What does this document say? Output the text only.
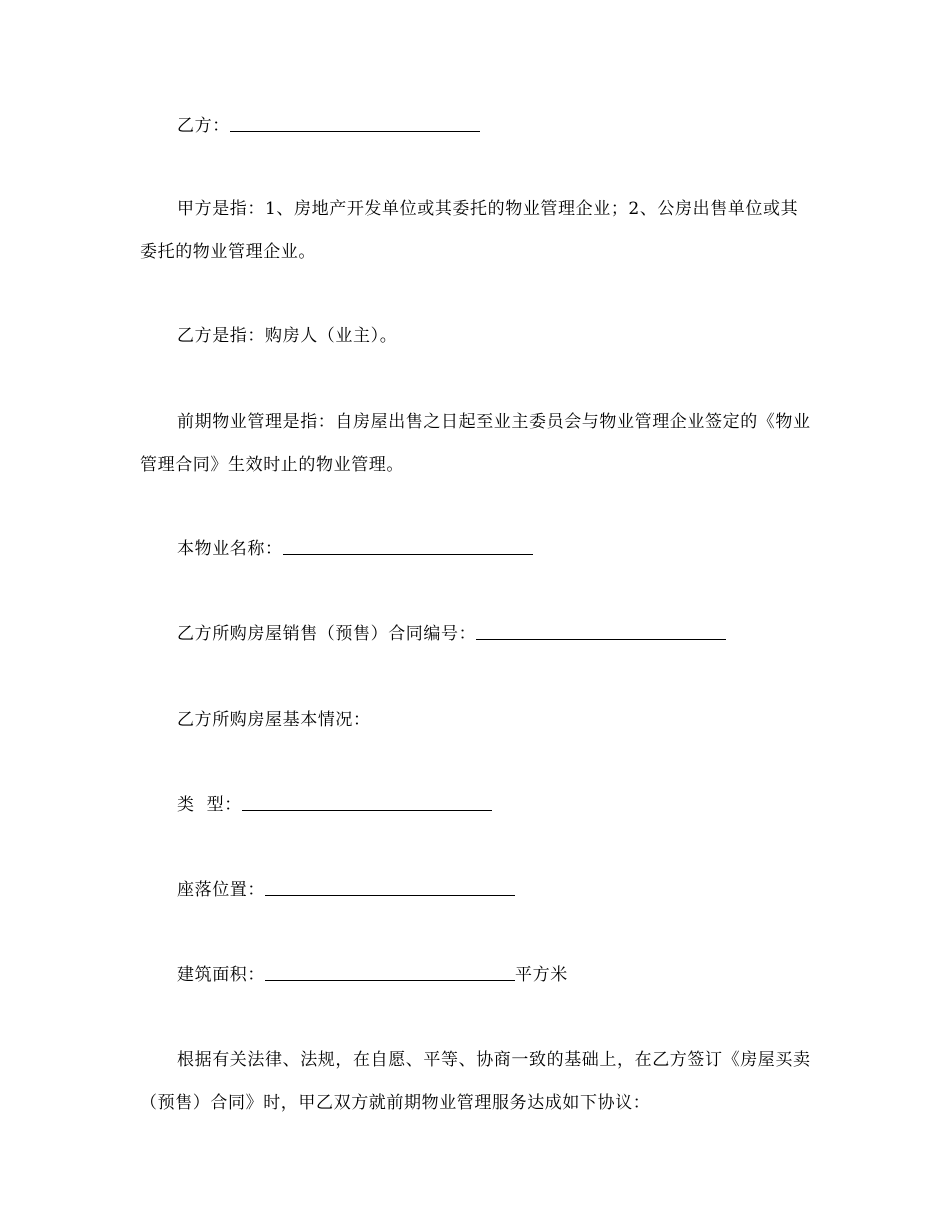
乙方：

甲方是指：1、房地产开发单位或其委托的物业管理企业；2、公房出售单位或其委托的物业管理企业。

乙方是指：购房人（业主）。

前期物业管理是指：自房屋出售之日起至业主委员会与物业管理企业签定的《物业管理合同》生效时止的物业管理。

本物业名称：

乙方所购房屋销售（预售）合同编号：

乙方所购房屋基本情况：

类  型：

座落位置：

建筑面积：	平方米

根据有关法律、法规，在自愿、平等、协商一致的基础上，在乙方签订《房屋买卖（预售）合同》时，甲乙双方就前期物业管理服务达成如下协议：
